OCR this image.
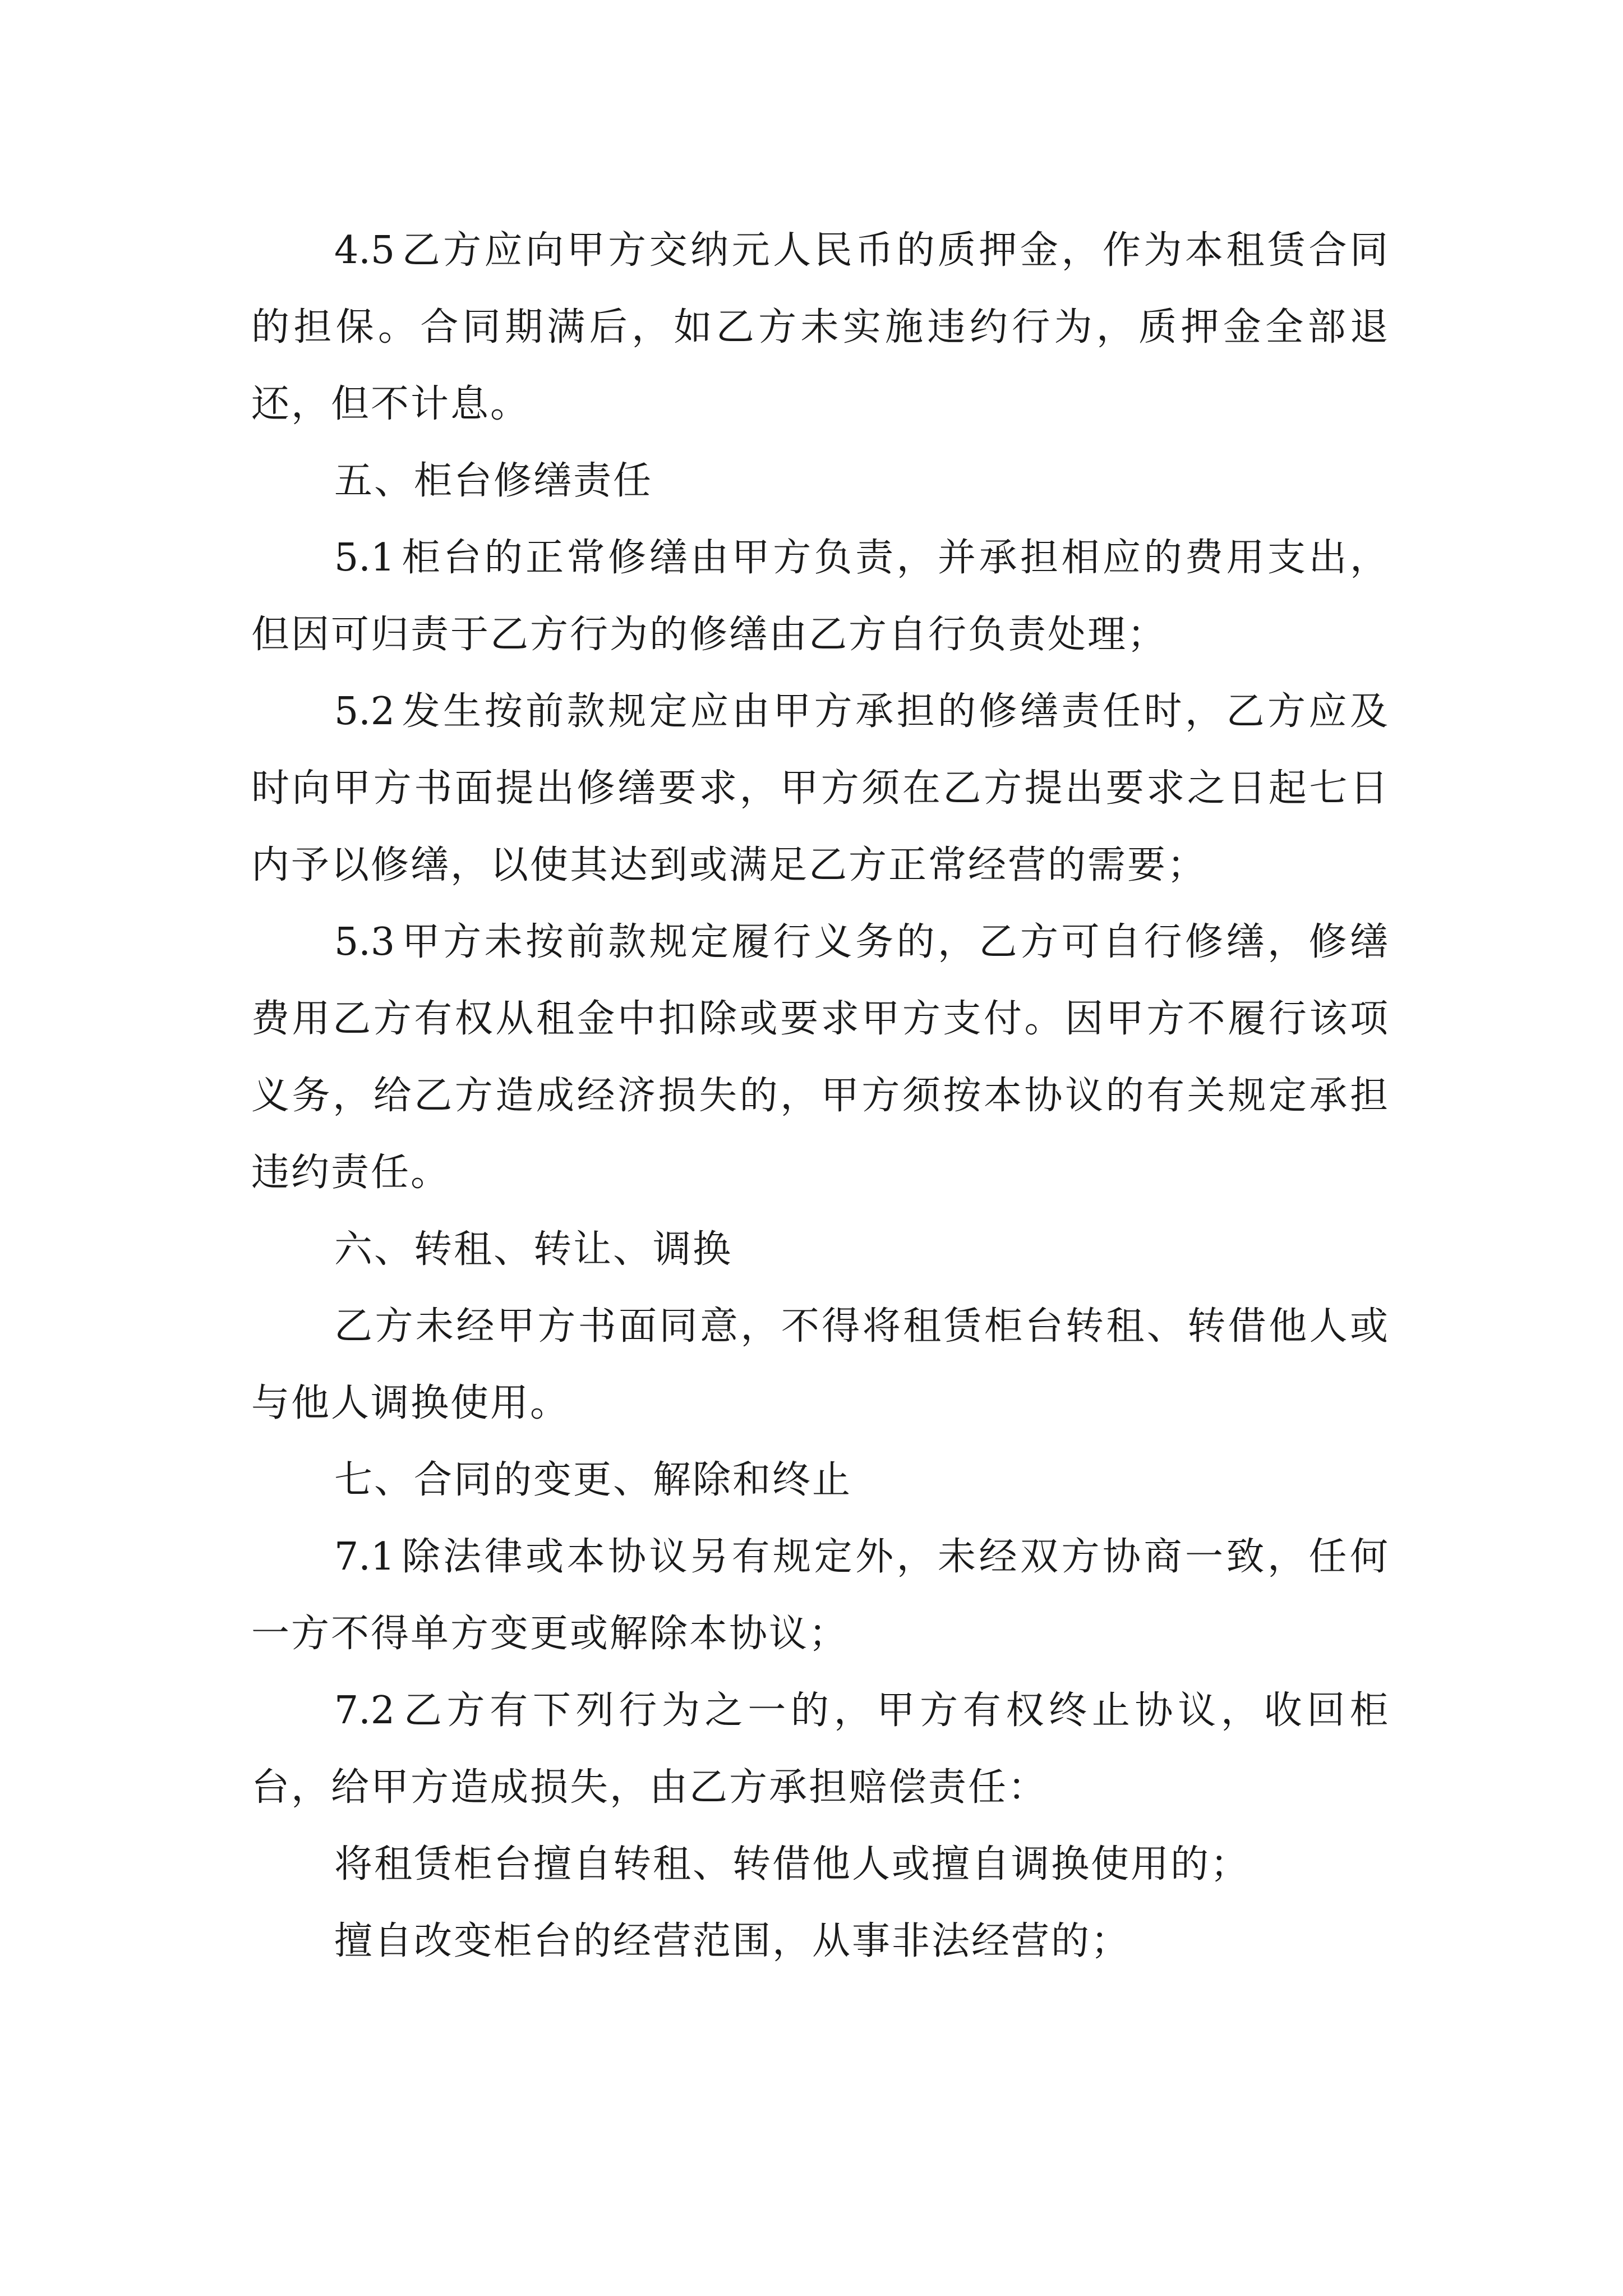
4.5 乙方应向甲方交纳元人民币的质押金，作为本租赁合同的担保。合同期满后，如乙方未实施违约行为，质押金全部退还，但不计息。

五、柜台修缮责任

5.1 柜台的正常修缮由甲方负责，并承担相应的费用支出，但因可归责于乙方行为的修缮由乙方自行负责处理；

5.2 发生按前款规定应由甲方承担的修缮责任时，乙方应及时向甲方书面提出修缮要求，甲方须在乙方提出要求之日起七日内予以修缮，以使其达到或满足乙方正常经营的需要；

5.3 甲方未按前款规定履行义务的，乙方可自行修缮，修缮费用乙方有权从租金中扣除或要求甲方支付。因甲方不履行该项义务，给乙方造成经济损失的，甲方须按本协议的有关规定承担违约责任。

六、转租、转让、调换

乙方未经甲方书面同意，不得将租赁柜台转租、转借他人或与他人调换使用。

七、合同的变更、解除和终止

7.1 除法律或本协议另有规定外，未经双方协商一致，任何一方不得单方变更或解除本协议；

7.2 乙方有下列行为之一的，甲方有权终止协议，收回柜台，给甲方造成损失，由乙方承担赔偿责任：

将租赁柜台擅自转租、转借他人或擅自调换使用的；

擅自改变柜台的经营范围，从事非法经营的；
